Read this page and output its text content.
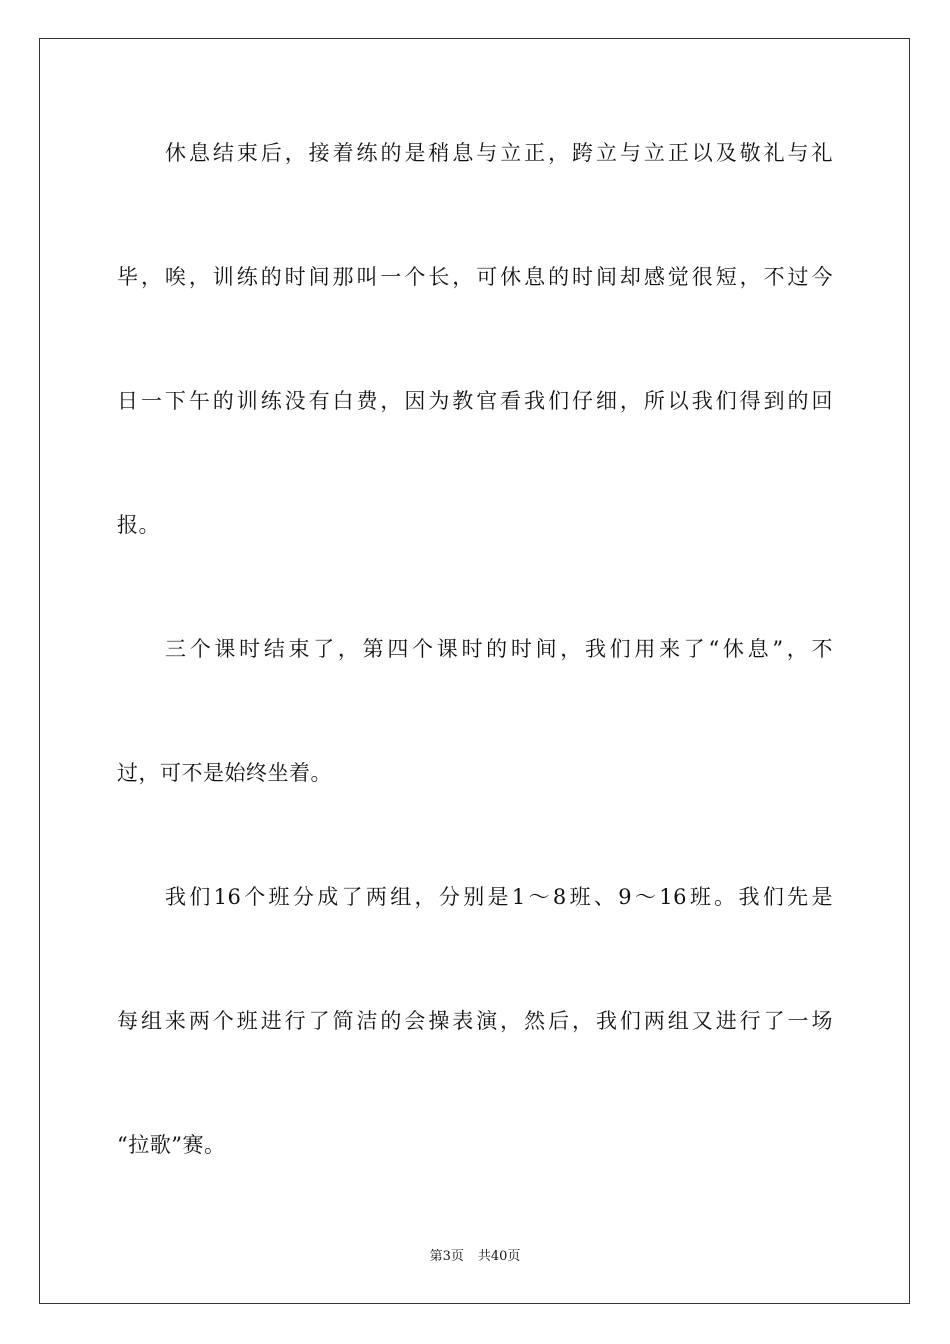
休息结束后，接着练的是稍息与立正，跨立与立正以及敬礼与礼
毕，唉，训练的时间那叫一个长，可休息的时间却感觉很短，不过今
日一下午的训练没有白费，因为教官看我们仔细，所以我们得到的回
报。
三个课时结束了，第四个课时的时间，我们用来了“休息”，不
过，可不是始终坐着。
我们16个班分成了两组，分别是1～8班、9～16班。我们先是
每组来两个班进行了简洁的会操表演，然后，我们两组又进行了一场
“拉歌”赛。
第3页 共40页
